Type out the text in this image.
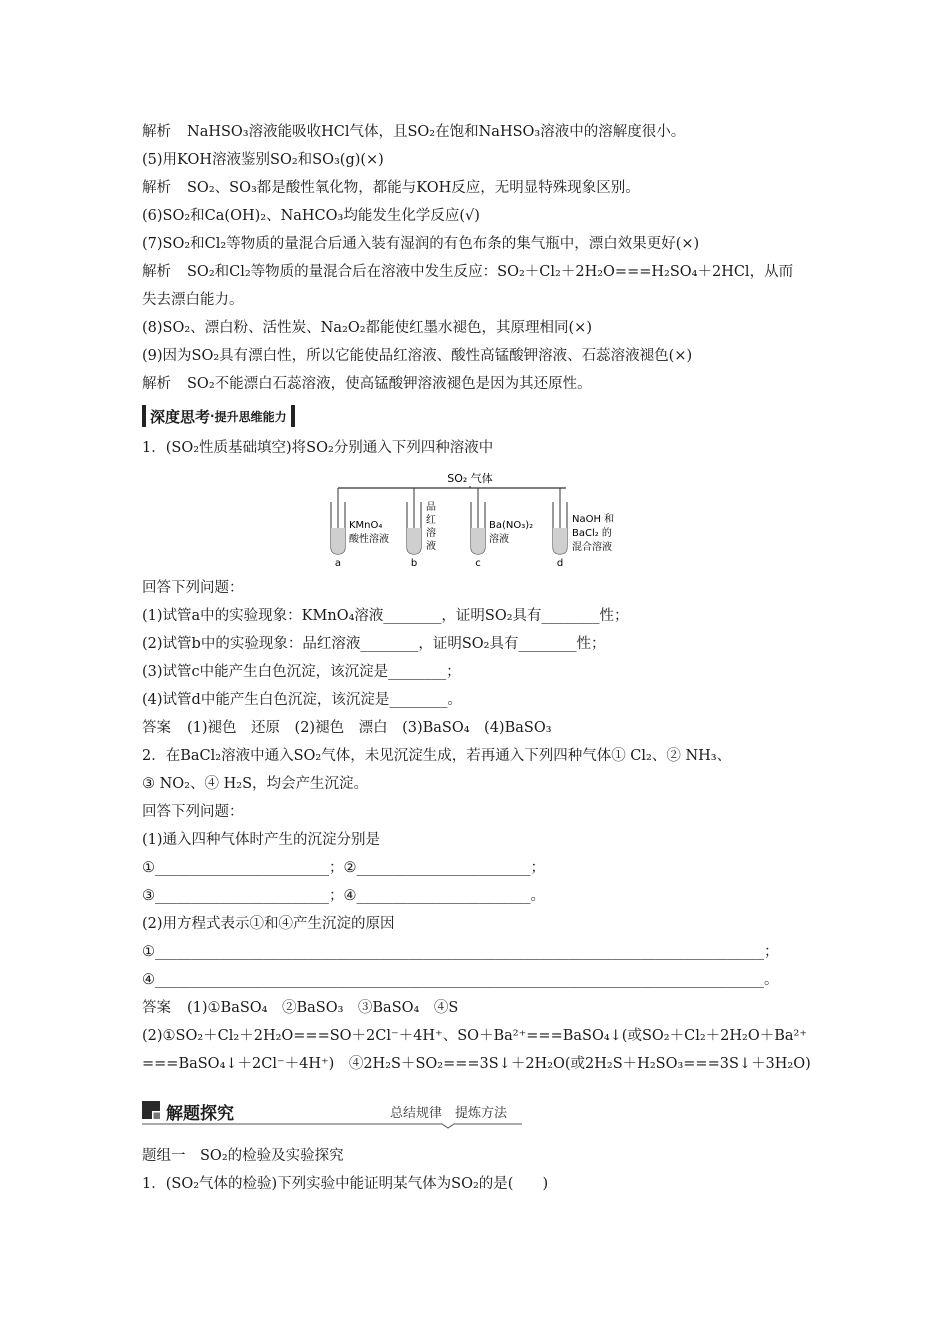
解析 NaHSO₃溶液能吸收HCl气体，且SO₂在饱和NaHSO₃溶液中的溶解度很小。
(5)用KOH溶液鉴别SO₂和SO₃(g)(×)
解析 SO₂、SO₃都是酸性氧化物，都能与KOH反应，无明显特殊现象区别。
(6)SO₂和Ca(OH)₂、NaHCO₃均能发生化学反应(√)
(7)SO₂和Cl₂等物质的量混合后通入装有湿润的有色布条的集气瓶中，漂白效果更好(×)
解析 SO₂和Cl₂等物质的量混合后在溶液中发生反应：SO₂＋Cl₂＋2H₂O===H₂SO₄＋2HCl，从而
失去漂白能力。
(8)SO₂、漂白粉、活性炭、Na₂O₂都能使红墨水褪色，其原理相同(×)
(9)因为SO₂具有漂白性，所以它能使品红溶液、酸性高锰酸钾溶液、石蕊溶液褪色(×)
解析 SO₂不能漂白石蕊溶液，使高锰酸钾溶液褪色是因为其还原性。
深度思考 · 提升思维能力
1．(SO₂性质基础填空)将SO₂分别通入下列四种溶液中
SO₂ 气体
KMnO₄
酸性溶液
a
品
红
溶
液
b
Ba(NO₃)₂
溶液
c
NaOH 和
BaCl₂ 的
混合溶液
d
回答下列问题：
(1)试管a中的实验现象：KMnO₄溶液________，证明SO₂具有________性；
(2)试管b中的实验现象：品红溶液________，证明SO₂具有________性；
(3)试管c中能产生白色沉淀，该沉淀是________；
(4)试管d中能产生白色沉淀，该沉淀是________。
答案 (1)褪色　还原　(2)褪色　漂白　(3)BaSO₄　(4)BaSO₃
2．在BaCl₂溶液中通入SO₂气体，未见沉淀生成，若再通入下列四种气体① Cl₂、② NH₃、
③ NO₂、④ H₂S，均会产生沉淀。
回答下列问题：
(1)通入四种气体时产生的沉淀分别是
①________________________；②________________________；
③________________________；④________________________。
(2)用方程式表示①和④产生沉淀的原因
①____________________________________________________________________________________；
④____________________________________________________________________________________。
答案 (1)①BaSO₄　②BaSO₃　③BaSO₄　④S
(2)①SO₂＋Cl₂＋2H₂O===SO＋2Cl⁻＋4H⁺、SO＋Ba²⁺===BaSO₄↓(或SO₂＋Cl₂＋2H₂O＋Ba²⁺
===BaSO₄↓＋2Cl⁻＋4H⁺)　④2H₂S＋SO₂===3S↓＋2H₂O(或2H₂S＋H₂SO₃===3S↓＋3H₂O)
解题探究	总结规律　提炼方法
题组一　SO₂的检验及实验探究
1．(SO₂气体的检验)下列实验中能证明某气体为SO₂的是(　　)
